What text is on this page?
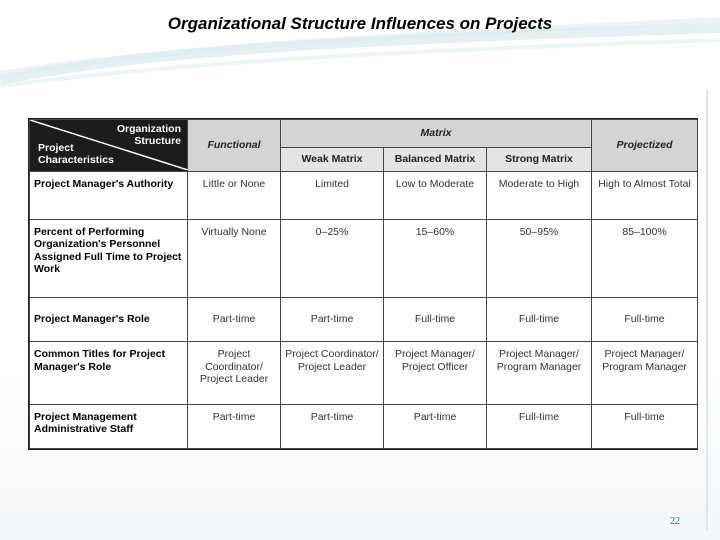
Organizational Structure Influences on Projects
Organization
Structure
Project
Characteristics	Functional	Matrix			Projectized
		Weak Matrix	Balanced Matrix	Strong Matrix	
Project Manager's Authority	Little or None	Limited	Low to Moderate	Moderate to High	High to Almost Total
Percent of Performing Organization's Personnel Assigned Full Time to Project Work	Virtually None	0–25%	15–60%	50–95%	85–100%
Project Manager's Role	Part-time	Part-time	Full-time	Full-time	Full-time
Common Titles for Project Manager's Role	Project Coordinator/ Project Leader	Project Coordinator/ Project Leader	Project Manager/ Project Officer	Project Manager/ Program Manager	Project Manager/ Program Manager
Project Management Administrative Staff	Part-time	Part-time	Part-time	Full-time	Full-time
22
